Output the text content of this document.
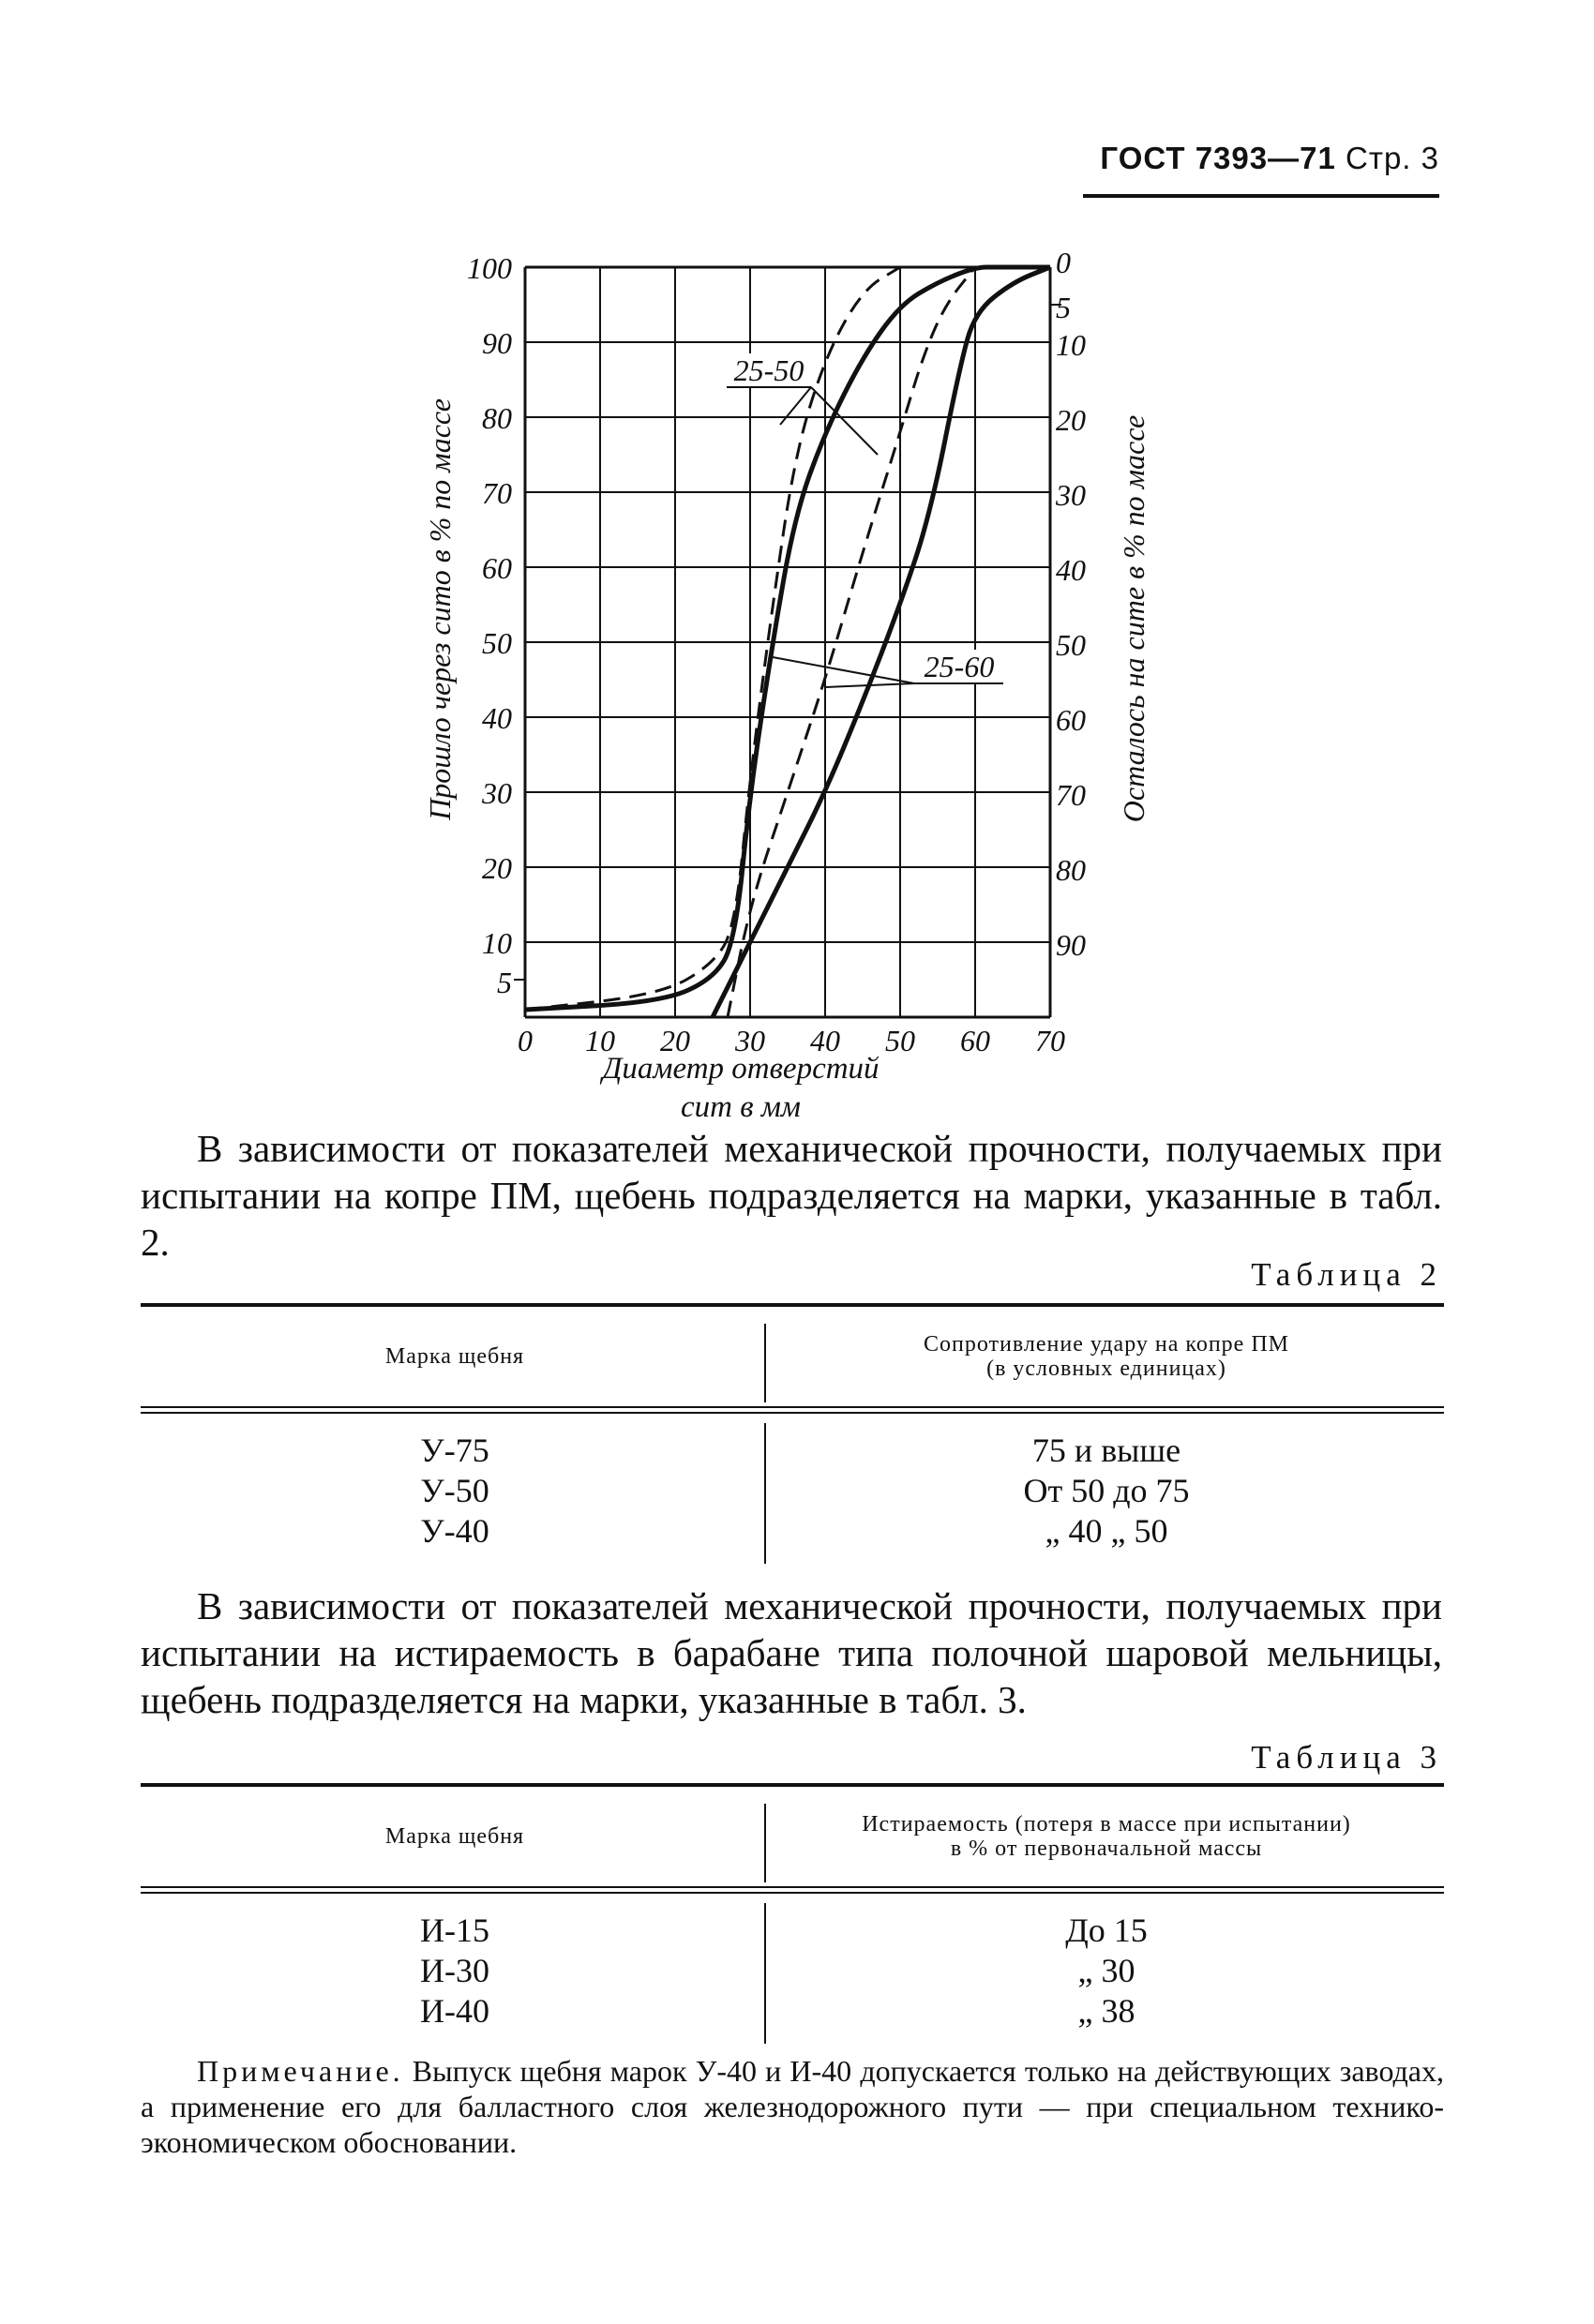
ГОСТ 7393—71 Стр. 3
100
90
80
70
60
50
40
30
20
10
5
0
5
10
20
30
40
50
60
70
80
90
0 10 20 30 40 50 60 70
25-50
25-60
Прошло через сито в % по массе	Осталось на сите в % по массе
Диаметр отверстий
сит в мм

В зависимости от показателей механической прочности, получаемых при испытании на копре ПМ, щебень подразделяется на марки, указанные в табл. 2.

Таблица 2
Марка щебня	Сопротивление удару на копре ПМ
(в условных единицах)
У-75	75 и выше
У-50	От 50 до 75
У-40	„ 40 „ 50

В зависимости от показателей механической прочности, получаемых при испытании на истираемость в барабане типа полочной шаровой мельницы, щебень подразделяется на марки, указанные в табл. 3.

Таблица 3
Марка щебня	Истираемость (потеря в массе при испытании)
в % от первоначальной массы
И-15	До 15
И-30	„ 30
И-40	„ 38

Примечание. Выпуск щебня марок У-40 и И-40 допускается только на действующих заводах, а применение его для балластного слоя железнодорожного пути — при специальном технико-экономическом обосновании.
